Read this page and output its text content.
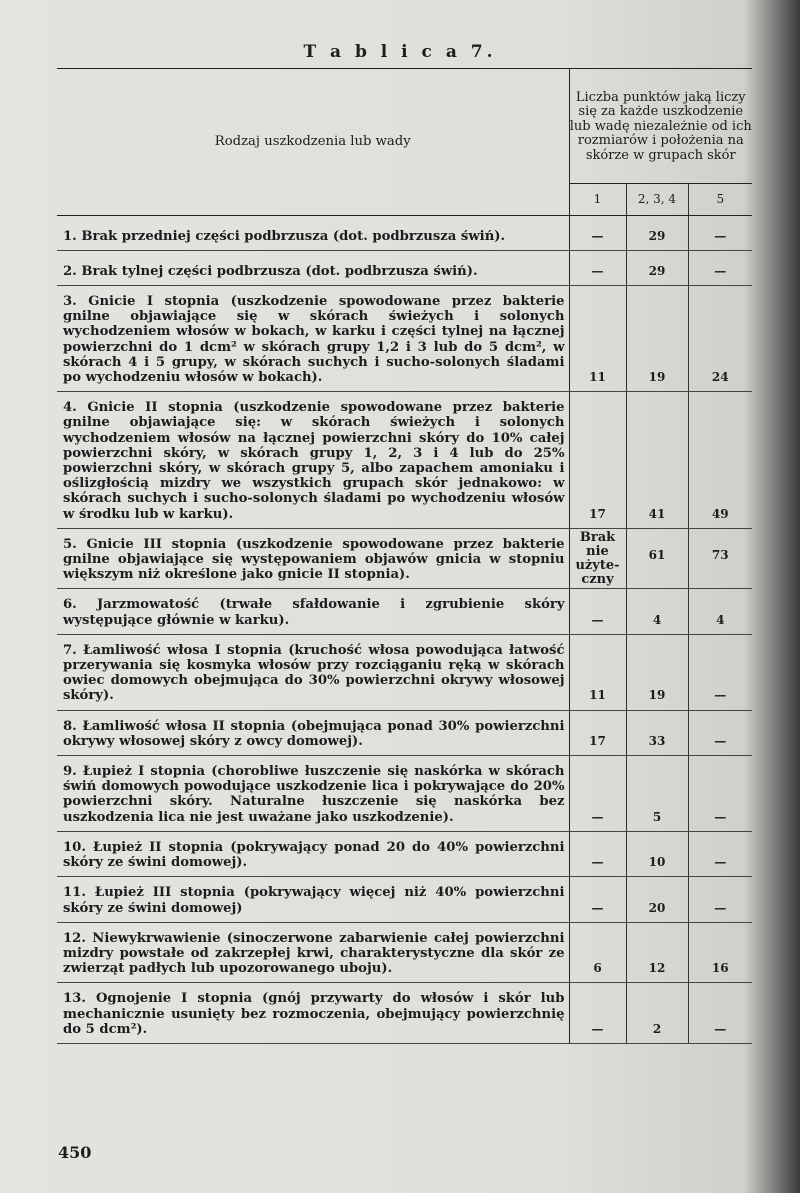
T a b l i c a 7.
Rodzaj uszkodzenia lub wady	Liczba punktów jaką liczy się za każde uszkodzenie lub wadę niezależnie od ich rozmiarów i położenia na skórze w grupach skór		
	1	2, 3, 4	5
1. Brak przedniej części podbrzusza (dot. podbrzusza świń).	—	29	—
2. Brak tylnej części podbrzusza (dot. podbrzusza świń).	—	29	—
3. Gnicie I stopnia (uszkodzenie spowodowane przez bakterie gnilne objawiające się w skórach świeżych i solonych wychodzeniem włosów w bokach, w karku i części tylnej na łącznej powierzchni do 1 dcm² w skórach grupy 1,2 i 3 lub do 5 dcm², w skórach 4 i 5 grupy, w skórach suchych i sucho-solonych śladami po wychodzeniu włosów w bokach).	11	19	24
4. Gnicie II stopnia (uszkodzenie spowodowane przez bakterie gnilne objawiające się: w skórach świeżych i solonych wychodzeniem włosów na łącznej powierzchni skóry do 10% całej powierzchni skóry, w skórach grupy 1, 2, 3 i 4 lub do 25% powierzchni skóry, w skórach grupy 5, albo zapachem amoniaku i oślizgłością mizdry we wszystkich grupach skór jednakowo: w skórach suchych i sucho-solonych śladami po wychodzeniu włosów w środku lub w karku).	17	41	49
5. Gnicie III stopnia (uszkodzenie spowodowane przez bakterie gnilne objawiające się występowaniem objawów gnicia w stopniu większym niż określone jako gnicie II stopnia).	Brak nie użyte-czny	61	73
6. Jarzmowatość (trwałe sfałdowanie i zgrubienie skóry występujące głównie w karku).	—	4	4
7. Łamliwość włosa I stopnia (kruchość włosa powodująca łatwość przerywania się kosmyka włosów przy rozciąganiu ręką w skórach owiec domowych obejmująca do 30% powierzchni okrywy włosowej skóry).	11	19	—
8. Łamliwość włosa II stopnia (obejmująca ponad 30% powierzchni okrywy włosowej skóry z owcy domowej).	17	33	—
9. Łupież I stopnia (chorobliwe łuszczenie się naskórka w skórach świń domowych powodujące uszkodzenie lica i pokrywające do 20% powierzchni skóry. Naturalne łuszczenie się naskórka bez uszkodzenia lica nie jest uważane jako uszkodzenie).	—	5	—
10. Łupież II stopnia (pokrywający ponad 20 do 40% powierzchni skóry ze świni domowej).	—	10	—
11. Łupież III stopnia (pokrywający więcej niż 40% powierzchni skóry ze świni domowej)	—	20	—
12. Niewykrwawienie (sinoczerwone zabarwienie całej powierzchni mizdry powstałe od zakrzepłej krwi, charakterystyczne dla skór ze zwierząt padłych lub upozorowanego uboju).	6	12	16
13. Ognojenie I stopnia (gnój przywarty do włosów i skór lub mechanicznie usunięty bez rozmoczenia, obejmujący powierzchnię do 5 dcm²).	—	2	—
450
